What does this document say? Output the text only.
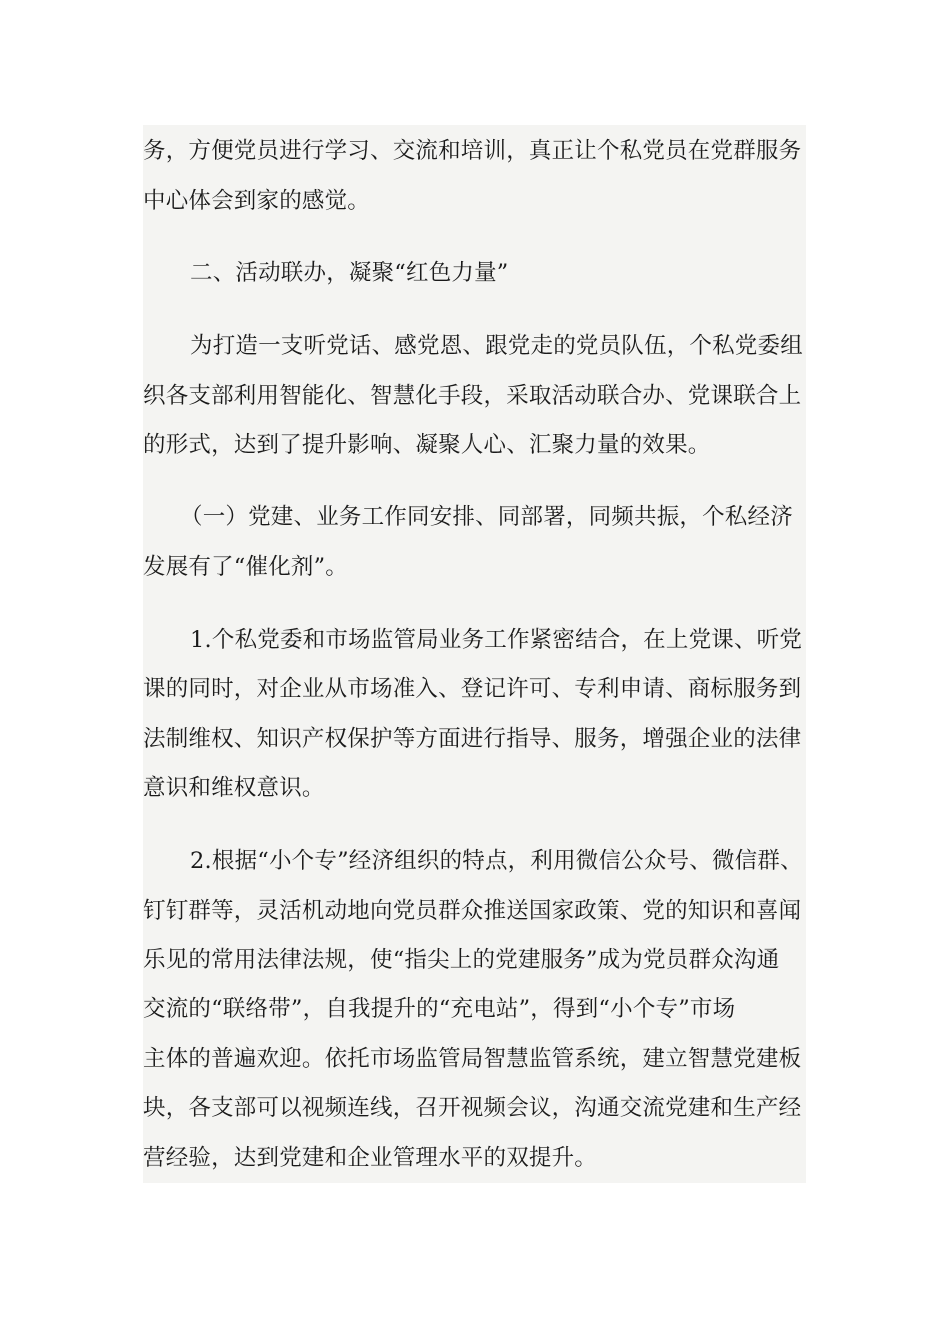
务，方便党员进行学习、交流和培训，真正让个私党员在党群服务
中心体会到家的感觉。
二、活动联办，凝聚“红色力量”
为打造一支听党话、感党恩、跟党走的党员队伍，个私党委组
织各支部利用智能化、智慧化手段，采取活动联合办、党课联合上
的形式，达到了提升影响、凝聚人心、汇聚力量的效果。
（一）党建、业务工作同安排、同部署，同频共振，个私经济
发展有了“催化剂”。
1.个私党委和市场监管局业务工作紧密结合，在上党课、听党
课的同时，对企业从市场准入、登记许可、专利申请、商标服务到
法制维权、知识产权保护等方面进行指导、服务，增强企业的法律
意识和维权意识。
2.根据“小个专”经济组织的特点，利用微信公众号、微信群、
钉钉群等，灵活机动地向党员群众推送国家政策、党的知识和喜闻
乐见的常用法律法规，使“指尖上的党建服务”成为党员群众沟通
交流的“联络带”，自我提升的“充电站”，得到“小个专”市场
主体的普遍欢迎。依托市场监管局智慧监管系统，建立智慧党建板
块，各支部可以视频连线，召开视频会议，沟通交流党建和生产经
营经验，达到党建和企业管理水平的双提升。
